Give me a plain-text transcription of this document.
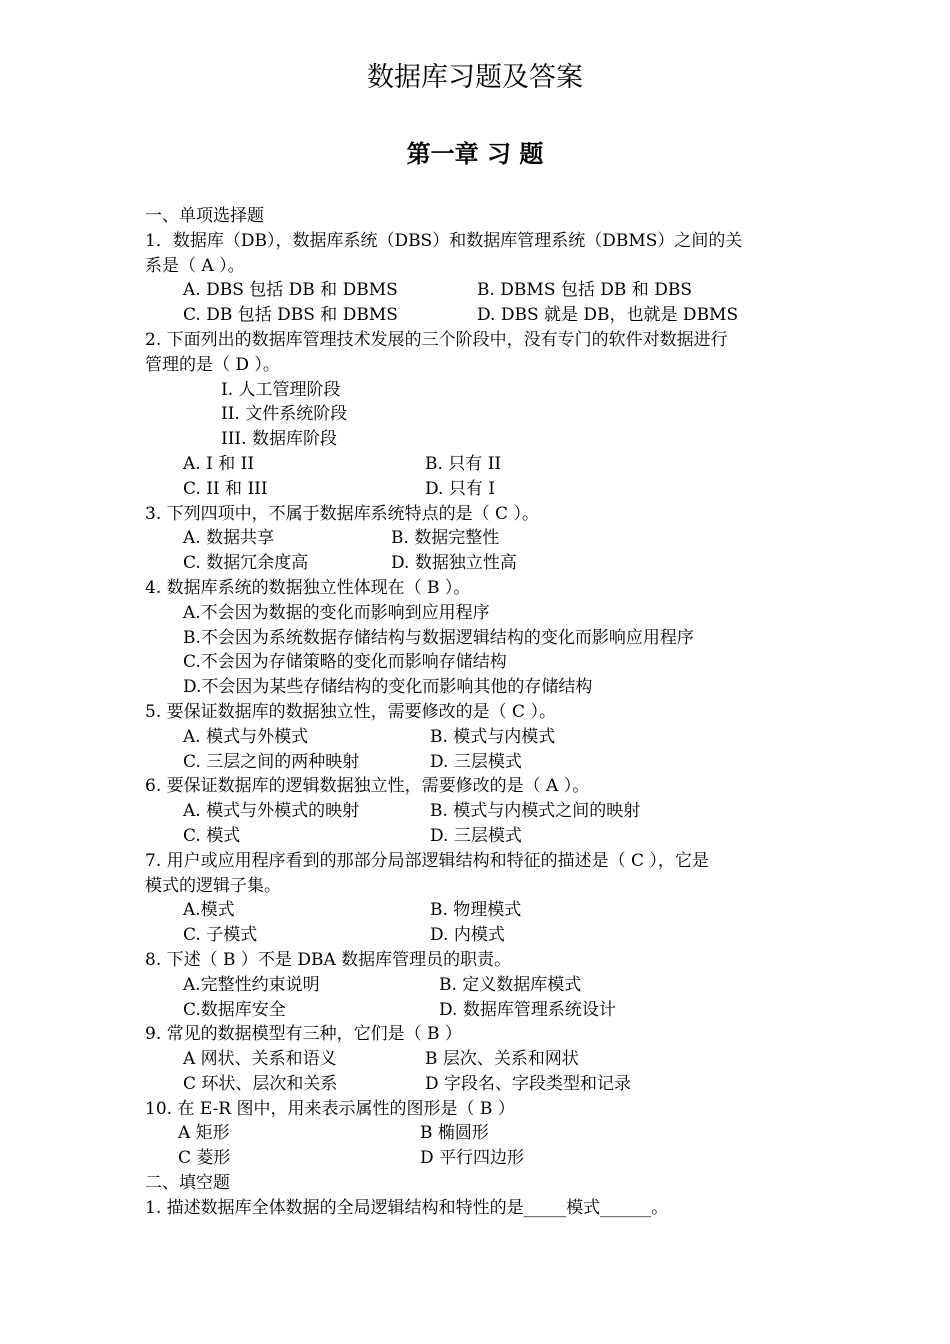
数据库习题及答案
第一章 习 题
一、单项选择题
1．数据库（DB），数据库系统（DBS）和数据库管理系统（DBMS）之间的关
系是（ A ）。
A. DBS 包括 DB 和 DBMS	B. DBMS 包括 DB 和 DBS
C. DB 包括 DBS 和 DBMS	D. DBS 就是 DB，也就是 DBMS
2. 下面列出的数据库管理技术发展的三个阶段中，没有专门的软件对数据进行
管理的是（ D ）。
I. 人工管理阶段
II. 文件系统阶段
III. 数据库阶段
A. I 和 II	B. 只有 II
C. II 和 III	D. 只有 I
3. 下列四项中，不属于数据库系统特点的是（ C ）。
A. 数据共享	B. 数据完整性
C. 数据冗余度高	D. 数据独立性高
4. 数据库系统的数据独立性体现在（ B ）。
A.不会因为数据的变化而影响到应用程序
B.不会因为系统数据存储结构与数据逻辑结构的变化而影响应用程序
C.不会因为存储策略的变化而影响存储结构
D.不会因为某些存储结构的变化而影响其他的存储结构
5. 要保证数据库的数据独立性，需要修改的是（ C ）。
A. 模式与外模式	B. 模式与内模式
C. 三层之间的两种映射	D. 三层模式
6. 要保证数据库的逻辑数据独立性，需要修改的是（ A ）。
A. 模式与外模式的映射	B. 模式与内模式之间的映射
C. 模式	D. 三层模式
7. 用户或应用程序看到的那部分局部逻辑结构和特征的描述是（ C ），它是
模式的逻辑子集。
A.模式	B. 物理模式
C. 子模式	D. 内模式
8. 下述（ B ）不是 DBA 数据库管理员的职责。
A.完整性约束说明	B. 定义数据库模式
C.数据库安全	D. 数据库管理系统设计
9. 常见的数据模型有三种，它们是（ B ）
A 网状、关系和语义	B 层次、关系和网状
C 环状、层次和关系	D 字段名、字段类型和记录
10. 在 E-R 图中，用来表示属性的图形是（ B ）
A 矩形	B 椭圆形
C 菱形	D 平行四边形
二、填空题
1. 描述数据库全体数据的全局逻辑结构和特性的是_____模式______。
